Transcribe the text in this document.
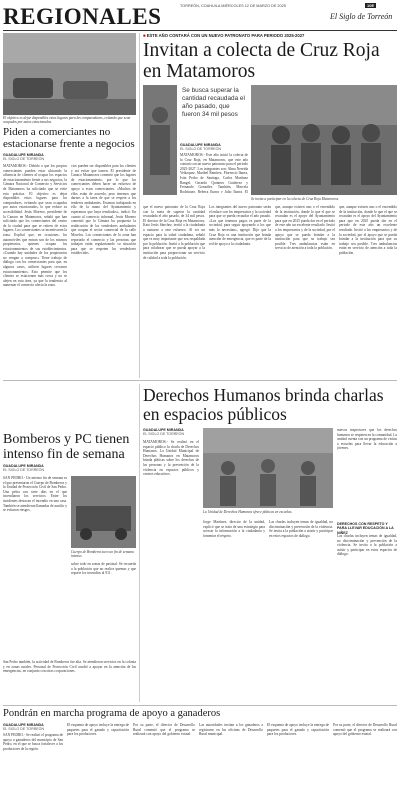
REGIONALES	TORREÓN, COAHUILA MIÉRCOLES 12 DE MARZO DE 2025	10E
El Siglo de Torreón
El objetivo es dejar disponibles estos lugares para las comparaduras, evitando que sean ocupados por autos estacionados.
Piden a comerciantes no estacionarse frente a negocios
GUADALUPE MIRANDA
EL SIGLO DE TORREÓN
MATAMOROS.- Debido a que los propios comerciantes pueden estar ubicando la afluencia de clientes al ocupar los espacios de estacionamiento frente a sus negocios, la Cámara Nacional de Comercio y Servicios de Matamoros ha solicitado que se evite esta práctica. El objetivo es dejar disponibles estos lugares para los compradores, evitando que sean ocupados por autos estacionados, lo que reduce su accesibilidad. Jesús Moreno, presidente de la Canaco en Matamoros, señaló que han solicitado que los comerciantes del centro de la ciudad para que se retiren de estos lugares. Los comerciantes se incentivaron la zona. Explicó que, en ocasiones, los automóviles que entran son de los mismos propietarios, quienes ocupan los estacionamientos de sus establecimientos. «Cuando hay unidades de los propietarios no vengan a comprar.» Tiene trabajo de diálogo con los comerciantes para que, en algunos casos, utilicen lugares cercanos estacionamientos. Esto permite que los clientes se estacionen más cerca y no se alejen en esta área, ya que la tendencia al aumentar el comercio afecta la zona.
cios pueden ser disponibles para los clientes y así evitar que tomen. El presidente de Canaco Matamoros comentó que los lugares de estacionamiento, por lo que los comerciantes deben hacer un esfuerzo de apoyo a estos comerciantes. «Muchos de ellos están de acuerdo, pero tenemos que darnos a la tarea de que se respete a los tenderos ambulantes. Estamos trabajando en ello de la mano del Ayuntamiento y esperamos que haya resultados», indicó. En cuanto al comercio informal, Jesús Moreno comentó que la Cámara ha propuesto la reubicación de los vendedores ambulantes que ocupan el sector comercial de la calle Morelos. Los comerciantes de la zona han reportado el comercio y las personas que trabajan están regularizando su situación para que se respeten los vendedores establecidos.
■ ESTE AÑO CONTARÁ CON UN NUEVO PATRONATO PARA PERIODO 2025-2027
Invitan a colecta de Cruz Roja en Matamoros
Se busca superar la cantidad recaudada el año pasado, que fueron 34 mil pesos
GUADALUPE MIRANDA
EL SIGLO DE TORREÓN
MATAMOROS.- Este año inició la colecta de la Cruz Roja, en Matamoros, que este año contará con un nuevo patronato para el periodo 2025-2027. Los integrantes son: Alma Nereida Velázquez, Maribel Ramírez, Florencio Ibarra, Iván Pedro de Santiago, Carlos Martínez Rangel, Gerardo Quintero Gutiérrez y Fernando González. También, Marcela Rodríguez, Rebeca Ibarra y Julio Ibarra. El
Se invita a participar en la colecta de Cruz Roja Matamoros.
que el nuevo patronato de la Cruz Roja con la meta de superar la cantidad recaudada el año pasado, de 34 mil pesos. El director de la Cruz Roja en Matamoros, Kato Jesús Sánchez, invitó a la ciudadanía a sumarse a este esfuerzo. Al ser un espacio para la salud ciudadana, señaló que es muy importante que sea respaldada por la población. Invitó a la población que para colaborar que se pueda apoyar a la institución para proporcionar un servicio de calidad a toda la población.
Los integrantes del nuevo patronato serán el enlace con los empresarios y la sociedad para que se pueda recaudar el año pasado. «Los que tenemos pagos es parte de la sociedad, para seguir apoyando a los que más lo necesitan», agregó. Dijo que la Cruz Roja es una institución que brinda atención de emergencia, que es parte de la red de apoyo a la ciudadanía.
que, aunque existen uno o el encendido de la institución, donde lo que el que se recaudan es el apoyo del Ayuntamiento para que en 2025 pueda dar en el periodo de este año un excelente resultado. Invitó a los empresarios y de la sociedad, por el apoyo que se pueda brindar a la institución para que su trabajo sea posible. Tres ambulancias están en servicio de atención a toda la población.
que, aunque existen uno o el encendido de la institución, donde lo que el que se recaudan es el apoyo del Ayuntamiento para que en 2025 pueda dar en el periodo de este año un excelente resultado. Invitó a los empresarios y de la sociedad, por el apoyo que se pueda brindar a la institución para que su trabajo sea posible. Tres ambulancias están en servicio de atención a toda la población.
Bomberos y PC tienen intenso fin de semana
GUADALUPE MIRANDA
EL SIGLO DE TORREÓN
SAN PEDRO.- Un intenso fin de semana es el que presentaron el Cuerpo de Bomberos y la Unidad de Protección Civil de San Pedro. Una pelea con siete días en el que incendiaron los servicios. Entre los incidentes destacan el incendio en una casa. También se atendieron llamadas de auxilio y se evitaron riesgos.
Cuerpo de Bomberos tuvo un fin de semana intenso.
sobre todo en zonas de pastizal. Se recuerda a la población que no realice quemas y que reporte los incendios al 911.
San Pedro también, la actividad de Bomberos fue alta. Se atendieron servicios en la colonia y en zonas rurales. Personal de Protección Civil acudió a apoyar en la atención de las emergencias, en conjunto con otras corporaciones.
Derechos Humanos brinda charlas en espacios públicos
GUADALUPE MIRANDA
EL SIGLO DE TORREÓN
MATAMOROS.- Se realizó en el espacio público la charla de Derechos Humanos. La Unidad Municipal de Derechos Humanos en Matamoros brinda pláticas sobre los derechos de las personas y la prevención de la violencia en espacios públicos y centros educativos.
La Unidad de Derechos Humanos ofrece pláticas en escuelas.
Jorge Martínez, director de la unidad, explicó que se trata de una estrategia para acercar la información a la ciudadanía y fomentar el respeto.
Las charlas incluyen temas de igualdad, no discriminación y prevención de la violencia. Se invita a la población a asistir y participar en estos espacios de diálogo.
nuevos inspectores que los derechos humanos se respeten en la comunidad. La unidad cuenta con un programa de visitas a escuelas para llevar la educación a jóvenes.
DERECHOS CON RESPETO Y PARA LLEVAR EDUCACIÓN A LA NIÑEZ
Las charlas incluyen temas de igualdad, no discriminación y prevención de la violencia. Se invita a la población a asistir y participar en estos espacios de diálogo.
Pondrán en marcha programa de apoyo a ganaderos
GUADALUPE MIRANDA
EL SIGLO DE TORREÓN
SAN PEDRO.- Se realizó el programa de apoyo a ganaderos del municipio de San Pedro, en el que se busca fortalecer a los productores de la región.
El esquema de apoyo incluye la entrega de paquetes para el ganado y capacitación para los productores.
Por su parte, el director de Desarrollo Rural comentó que el programa se realizará con apoyo del gobierno estatal.
Las autoridades invitan a los ganaderos a registrarse en las oficinas de Desarrollo Rural municipal.
El esquema de apoyo incluye la entrega de paquetes para el ganado y capacitación para los productores.
Por su parte, el director de Desarrollo Rural comentó que el programa se realizará con apoyo del gobierno estatal.
